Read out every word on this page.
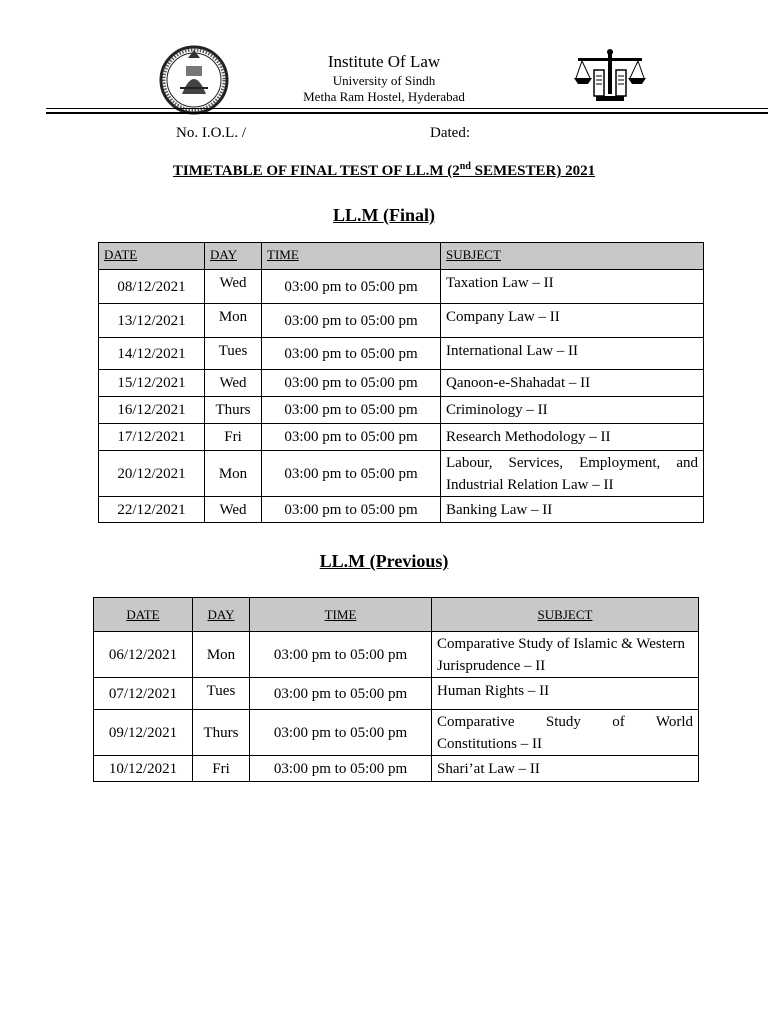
Institute Of Law
University of Sindh
Metha Ram Hostel, Hyderabad
No. I.O.L. /	Dated:
TIMETABLE OF FINAL TEST OF LL.M (2nd SEMESTER) 2021
LL.M (Final)
DATE	DAY	TIME	SUBJECT
08/12/2021	Wed	03:00 pm to 05:00 pm	Taxation Law – II
13/12/2021	Mon	03:00 pm to 05:00 pm	Company Law – II
14/12/2021	Tues	03:00 pm to 05:00 pm	International Law – II
15/12/2021	Wed	03:00 pm to 05:00 pm	Qanoon-e-Shahadat – II
16/12/2021	Thurs	03:00 pm to 05:00 pm	Criminology – II
17/12/2021	Fri	03:00 pm to 05:00 pm	Research Methodology – II
20/12/2021	Mon	03:00 pm to 05:00 pm	Labour, Services, Employment, and Industrial Relation Law – II
22/12/2021	Wed	03:00 pm to 05:00 pm	Banking Law – II
LL.M (Previous)
DATE	DAY	TIME	SUBJECT
06/12/2021	Mon	03:00 pm to 05:00 pm	Comparative Study of Islamic & Western Jurisprudence – II
07/12/2021	Tues	03:00 pm to 05:00 pm	Human Rights – II
09/12/2021	Thurs	03:00 pm to 05:00 pm	Comparative Study of World Constitutions – II
10/12/2021	Fri	03:00 pm to 05:00 pm	Shari’at Law – II
